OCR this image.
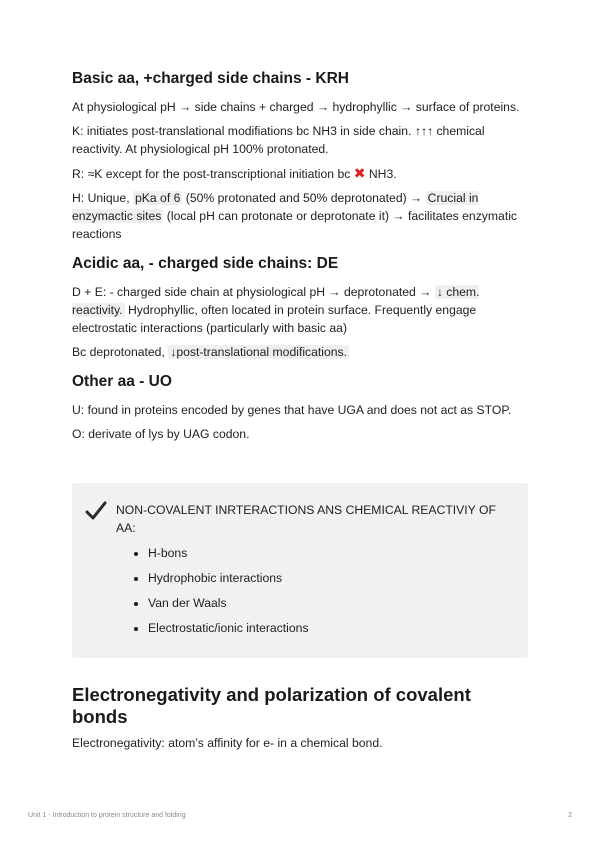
Basic aa, +charged side chains - KRH

At physiological pH → side chains + charged → hydrophyllic → surface of proteins.

K: initiates post-translational modifiations bc NH3 in side chain. ↑↑↑ chemical reactivity. At physiological pH 100% protonated.

R: ≈K except for the post-transcriptional initiation bc ✖ NH3.

H: Unique, pKa of 6 (50% protonated and 50% deprotonated) → Crucial in enzymactic sites (local pH can protonate or deprotonate it) → facilitates enzymatic reactions

Acidic aa, - charged side chains: DE

D + E: - charged side chain at physiological pH → deprotonated → ↓ chem. reactivity. Hydrophyllic, often located in protein surface. Frequently engage electrostatic interactions (particularly with basic aa)

Bc deprotonated, ↓post-translational modifications.

Other aa - UO

U: found in proteins encoded by genes that have UGA and does not act as STOP.

O: derivate of lys by UAG codon.

NON-COVALENT INRTERACTIONS ANS CHEMICAL REACTIVIY OF AA:
• H-bons
• Hydrophobic interactions
• Van der Waals
• Electrostatic/ionic interactions
Electronegativity and polarization of covalent bonds

Electronegativity: atom’s affinity for e- in a chemical bond.

Unit 1 - Introduction to protein structure and folding	2
